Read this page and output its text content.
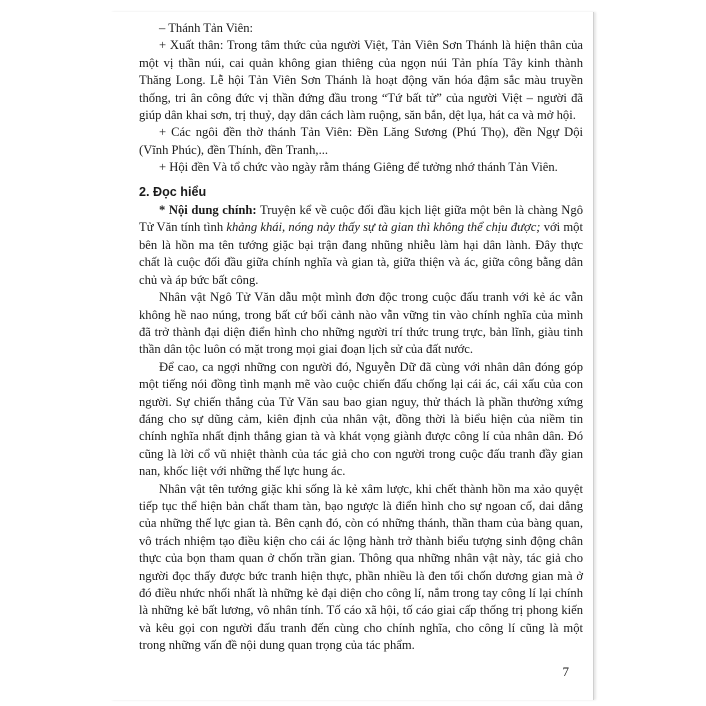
– Thánh Tản Viên:

+ Xuất thân: Trong tâm thức của người Việt, Tản Viên Sơn Thánh là hiện thân của một vị thần núi, cai quản không gian thiêng của ngọn núi Tản phía Tây kinh thành Thăng Long. Lễ hội Tản Viên Sơn Thánh là hoạt động văn hóa đậm sắc màu truyền thống, tri ân công đức vị thần đứng đầu trong “Tứ bất tử” của người Việt – người đã giúp dân khai sơn, trị thuỷ, dạy dân cách làm ruộng, săn bắn, dệt lụa, hát ca và mở hội.

+ Các ngôi đền thờ thánh Tản Viên: Đền Lăng Sương (Phú Thọ), đền Ngự Dội (Vĩnh Phúc), đền Thính, đền Tranh,...

+ Hội đền Và tổ chức vào ngày rằm tháng Giêng để tưởng nhớ thánh Tản Viên.

2. Đọc hiểu

* Nội dung chính: Truyện kể về cuộc đối đầu kịch liệt giữa một bên là chàng Ngô Tử Văn tính tình khảng khái, nóng nảy thấy sự tà gian thì không thể chịu được; với một bên là hồn ma tên tướng giặc bại trận đang nhũng nhiễu làm hại dân lành. Đây thực chất là cuộc đối đầu giữa chính nghĩa và gian tà, giữa thiện và ác, giữa công bằng dân chủ và áp bức bất công.

Nhân vật Ngô Tử Văn dẫu một mình đơn độc trong cuộc đấu tranh với kẻ ác vẫn không hề nao núng, trong bất cứ bối cảnh nào vẫn vững tin vào chính nghĩa của mình đã trở thành đại diện điển hình cho những người trí thức trung trực, bản lĩnh, giàu tinh thần dân tộc luôn có mặt trong mọi giai đoạn lịch sử của đất nước.

Để cao, ca ngợi những con người đó, Nguyễn Dữ đã cùng với nhân dân đóng góp một tiếng nói đồng tình mạnh mẽ vào cuộc chiến đấu chống lại cái ác, cái xấu của con người. Sự chiến thắng của Tử Văn sau bao gian nguy, thử thách là phần thưởng xứng đáng cho sự dũng cảm, kiên định của nhân vật, đồng thời là biểu hiện của niềm tin chính nghĩa nhất định thắng gian tà và khát vọng giành được công lí của nhân dân. Đó cũng là lời cổ vũ nhiệt thành của tác giả cho con người trong cuộc đấu tranh đầy gian nan, khốc liệt với những thế lực hung ác.

Nhân vật tên tướng giặc khi sống là kẻ xâm lược, khi chết thành hồn ma xảo quyệt tiếp tục thể hiện bản chất tham tàn, bạo ngược là điển hình cho sự ngoan cố, dai dẳng của những thế lực gian tà. Bên cạnh đó, còn có những thánh, thần tham của bàng quan, vô trách nhiệm tạo điều kiện cho cái ác lộng hành trở thành biểu tượng sinh động chân thực của bọn tham quan ở chốn trần gian. Thông qua những nhân vật này, tác giả cho người đọc thấy được bức tranh hiện thực, phần nhiều là đen tối chốn dương gian mà ở đó điều nhức nhối nhất là những kẻ đại diện cho công lí, nắm trong tay công lí lại chính là những kẻ bất lương, vô nhân tính. Tố cáo xã hội, tố cáo giai cấp thống trị phong kiến và kêu gọi con người đấu tranh đến cùng cho chính nghĩa, cho công lí cũng là một trong những vấn đề nội dung quan trọng của tác phẩm.

7
